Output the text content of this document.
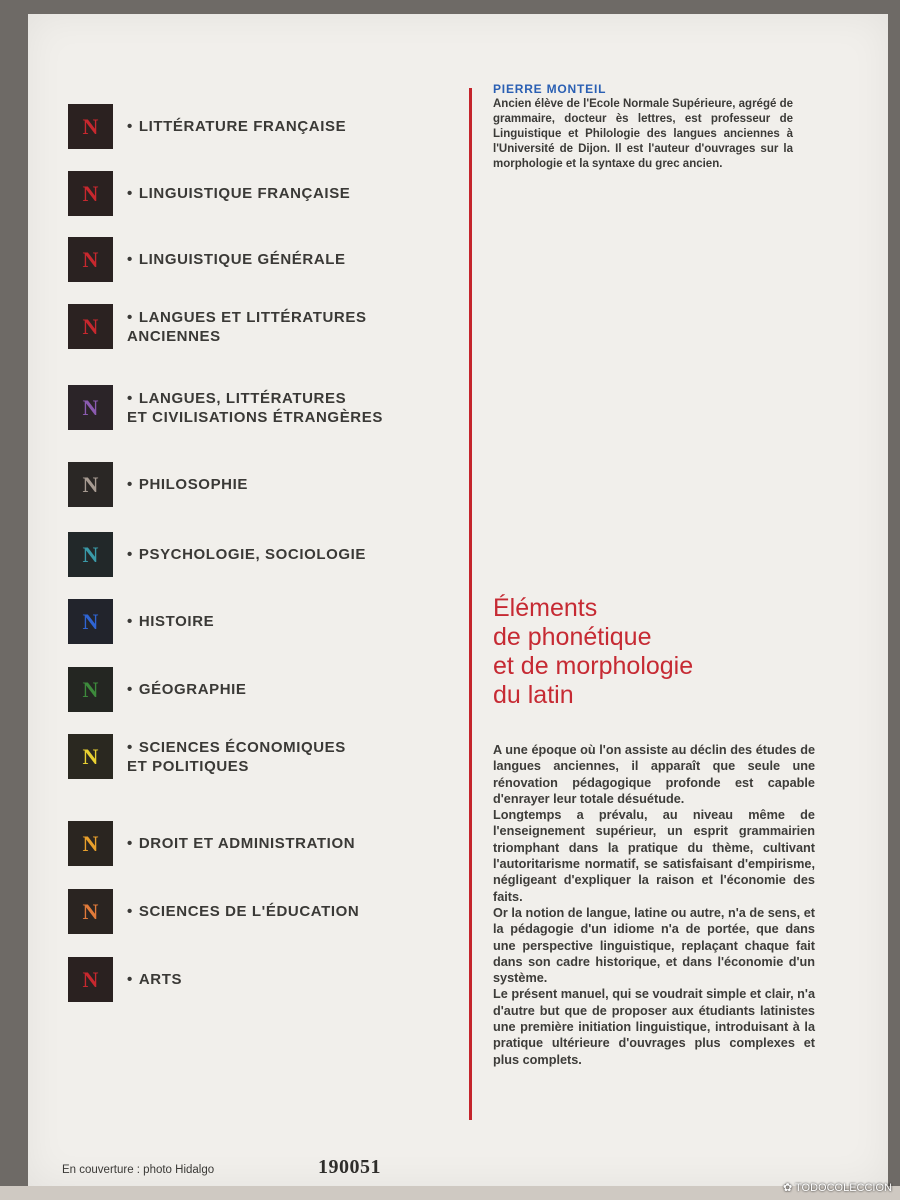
N	• LITTÉRATURE FRANÇAISE
N	• LINGUISTIQUE FRANÇAISE
N	• LINGUISTIQUE GÉNÉRALE
N	• LANGUES ET LITTÉRATURES
ANCIENNES
N	• LANGUES, LITTÉRATURES
ET CIVILISATIONS ÉTRANGÈRES
N	• PHILOSOPHIE
N	• PSYCHOLOGIE, SOCIOLOGIE
N	• HISTOIRE
N	• GÉOGRAPHIE
N	• SCIENCES ÉCONOMIQUES
ET POLITIQUES
N	• DROIT ET ADMINISTRATION
N	• SCIENCES DE L'ÉDUCATION
N	• ARTS
PIERRE MONTEIL
Ancien élève de l'Ecole Normale Supérieure, agrégé de grammaire, docteur ès lettres, est professeur de Linguistique et Philologie des langues anciennes à l'Université de Dijon. Il est l'auteur d'ouvrages sur la morphologie et la syntaxe du grec ancien.
Éléments
de phonétique
et de morphologie
du latin

A une époque où l'on assiste au déclin des études de langues anciennes, il apparaît que seule une rénovation pédagogique profonde est capable d'enrayer leur totale désuétude.

Longtemps a prévalu, au niveau même de l'enseignement supérieur, un esprit grammairien triomphant dans la pratique du thème, cultivant l'autoritarisme normatif, se satisfaisant d'empirisme, négligeant d'expliquer la raison et l'économie des faits.

Or la notion de langue, latine ou autre, n'a de sens, et la pédagogie d'un idiome n'a de portée, que dans une perspective linguistique, replaçant chaque fait dans son cadre historique, et dans l'économie d'un système.

Le présent manuel, qui se voudrait simple et clair, n'a d'autre but que de proposer aux étudiants latinistes une première initiation linguistique, introduisant à la pratique ultérieure d'ouvrages plus complexes et plus complets.

En couverture : photo Hidalgo	190051
✿ TODOCOLECCION
